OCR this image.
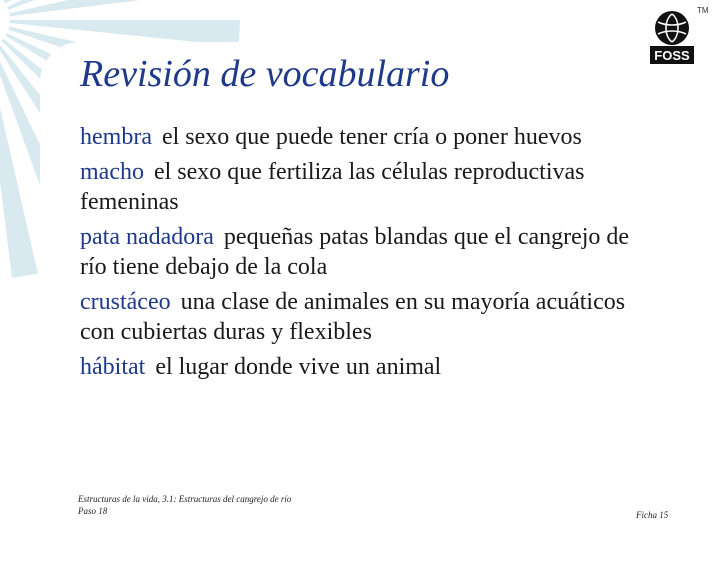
Revisión de vocabulario	FOSS
TM
hembra el sexo que puede tener cría o poner huevos
macho el sexo que fertiliza las células reproductivas femeninas
pata nadadora pequeñas patas blandas que el cangrejo de río tiene debajo de la cola
crustáceo una clase de animales en su mayoría acuáticos con cubiertas duras y flexibles
hábitat el lugar donde vive un animal
Estructuras de la vida, 3.1: Estructuras del cangrejo de río
Paso 18	Ficha 15
